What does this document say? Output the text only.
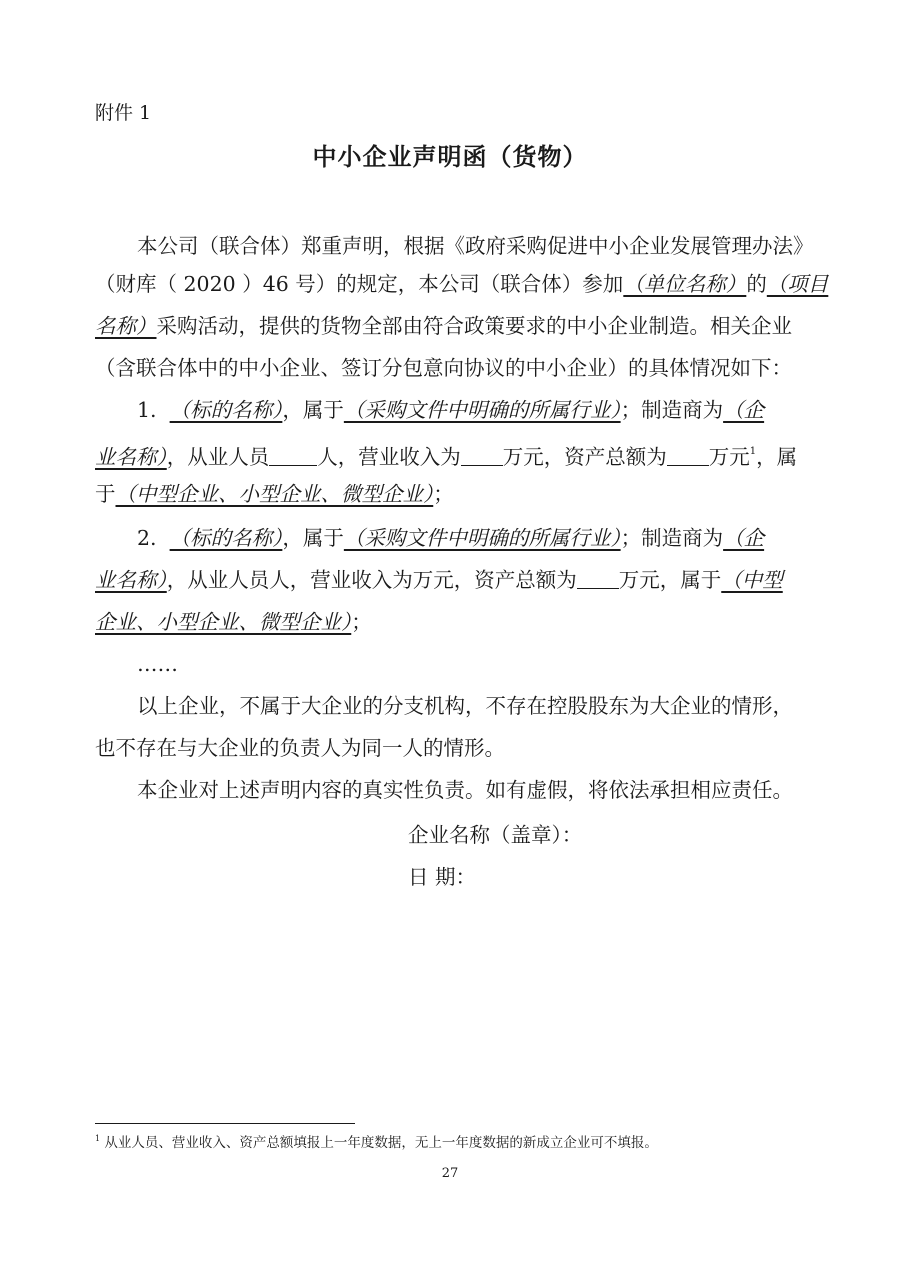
附件 1
中小企业声明函（货物）
本公司（联合体）郑重声明，根据《政府采购促进中小企业发展管理办法》
（财库（ 2020 ）46 号）的规定，本公司（联合体）参加（单位名称）的（项目
名称）采购活动，提供的货物全部由符合政策要求的中小企业制造。相关企业
（含联合体中的中小企业、签订分包意向协议的中小企业）的具体情况如下：
1. （标的名称），属于（采购文件中明确的所属行业）；制造商为（企
业名称），从业人员 人，营业收入为 万元，资产总额为 万元$^1$，属
于（中型企业、小型企业、微型企业）；
2. （标的名称），属于（采购文件中明确的所属行业）；制造商为（企
业名称），从业人员人，营业收入为万元，资产总额为 万元，属于（中型
企业、小型企业、微型企业）；
……
以上企业，不属于大企业的分支机构，不存在控股股东为大企业的情形，
也不存在与大企业的负责人为同一人的情形。
本企业对上述声明内容的真实性负责。如有虚假，将依法承担相应责任。
企业名称（盖章）：
日 期：
$^1$ 从业人员、营业收入、资产总额填报上一年度数据，无上一年度数据的新成立企业可不填报。
27
